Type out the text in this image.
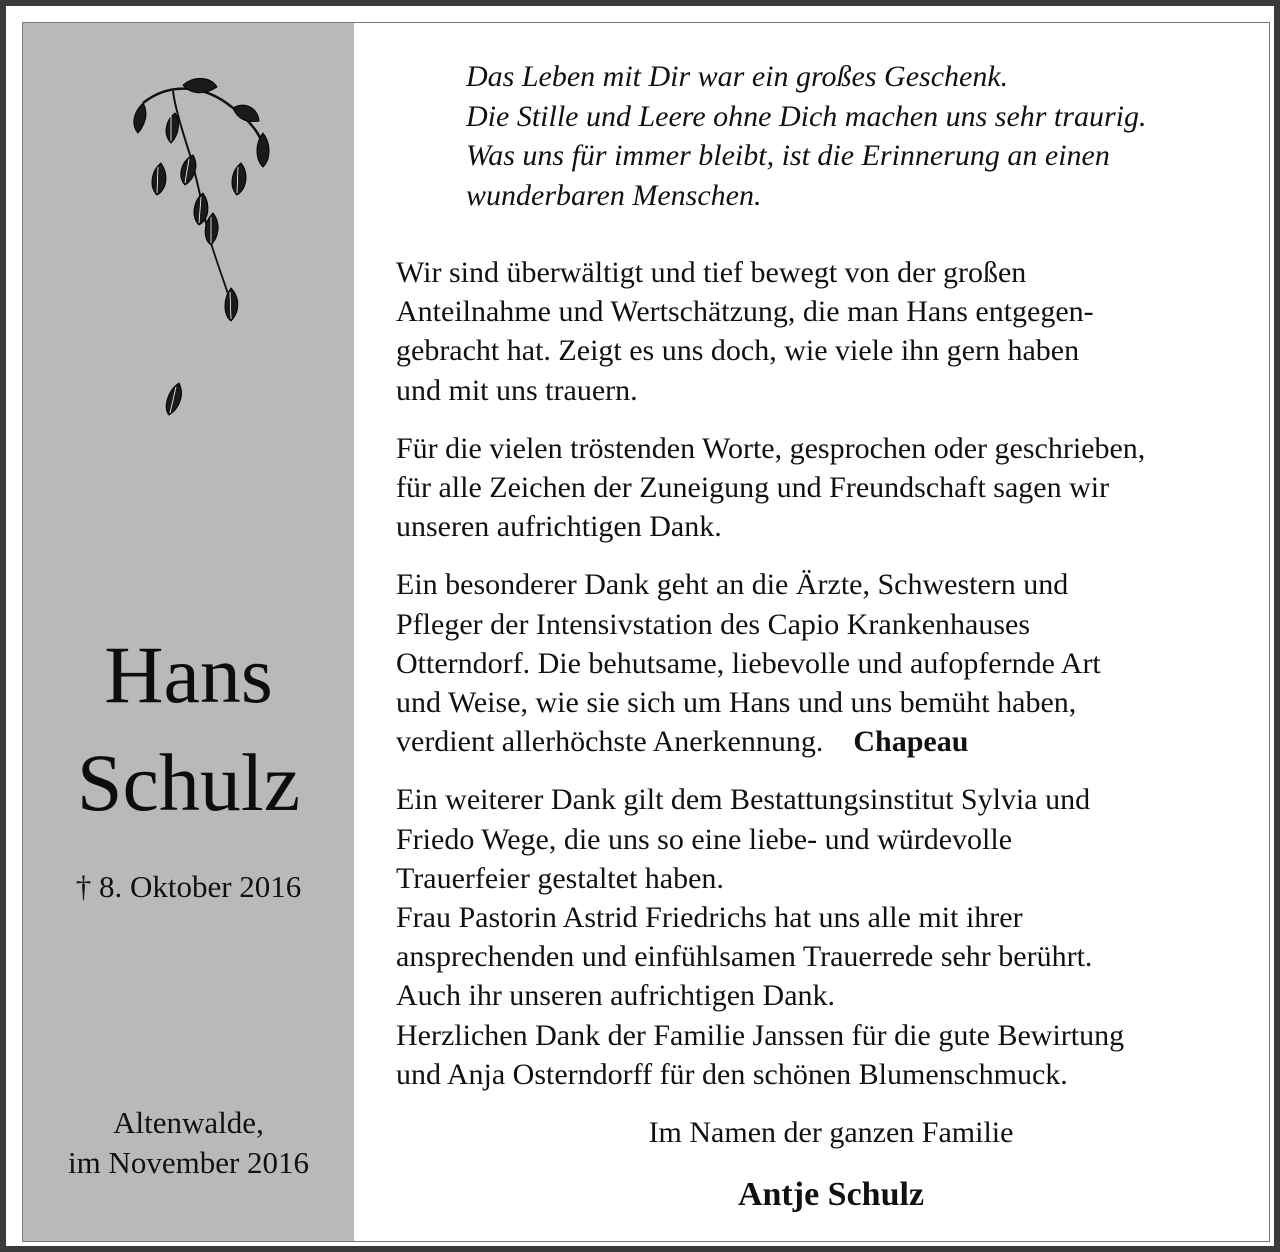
Hans
Schulz
† 8. Oktober 2016
Altenwalde,
im November 2016
Das Leben mit Dir war ein großes Geschenk.
Die Stille und Leere ohne Dich machen uns sehr traurig.
Was uns für immer bleibt, ist die Erinnerung an einen
wunderbaren Menschen.
Wir sind überwältigt und tief bewegt von der großen
Anteilnahme und Wertschätzung, die man Hans entgegen-
gebracht hat. Zeigt es uns doch, wie viele ihn gern haben
und mit uns trauern.
Für die vielen tröstenden Worte, gesprochen oder geschrieben,
für alle Zeichen der Zuneigung und Freundschaft sagen wir
unseren aufrichtigen Dank.
Ein besonderer Dank geht an die Ärzte, Schwestern und
Pfleger der Intensivstation des Capio Krankenhauses
Otterndorf. Die behutsame, liebevolle und aufopfernde Art
und Weise, wie sie sich um Hans und uns bemüht haben,
verdient allerhöchste Anerkennung. Chapeau
Ein weiterer Dank gilt dem Bestattungsinstitut Sylvia und
Friedo Wege, die uns so eine liebe- und würdevolle
Trauerfeier gestaltet haben.
Frau Pastorin Astrid Friedrichs hat uns alle mit ihrer
ansprechenden und einfühlsamen Trauerrede sehr berührt.
Auch ihr unseren aufrichtigen Dank.
Herzlichen Dank der Familie Janssen für die gute Bewirtung
und Anja Osterndorff für den schönen Blumenschmuck.
Im Namen der ganzen Familie
Antje Schulz
